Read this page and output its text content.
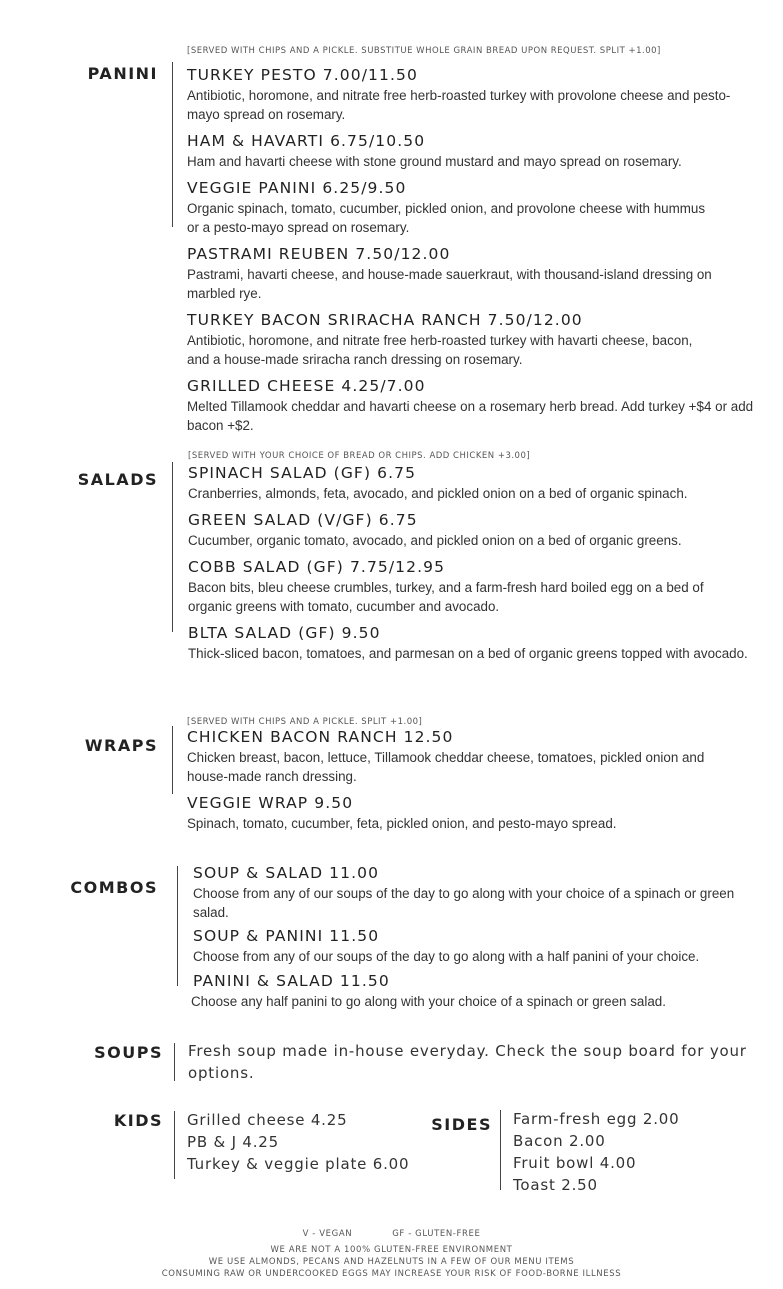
PANINI
[SERVED WITH CHIPS AND A PICKLE. SUBSTITUE WHOLE GRAIN BREAD UPON REQUEST. SPLIT +1.00]
TURKEY PESTO 7.00/11.50
Antibiotic, horomone, and nitrate free herb-roasted turkey with provolone cheese and pesto-mayo spread on rosemary.
HAM & HAVARTI 6.75/10.50
Ham and havarti cheese with stone ground mustard and mayo spread on rosemary.
VEGGIE PANINI 6.25/9.50
Organic spinach, tomato, cucumber, pickled onion, and provolone cheese with hummus or a pesto-mayo spread on rosemary.
PASTRAMI REUBEN 7.50/12.00
Pastrami, havarti cheese, and house-made sauerkraut, with thousand-island dressing on marbled rye.
TURKEY BACON SRIRACHA RANCH 7.50/12.00
Antibiotic, horomone, and nitrate free herb-roasted turkey with havarti cheese, bacon, and a house-made sriracha ranch dressing on rosemary.
GRILLED CHEESE 4.25/7.00
Melted Tillamook cheddar and havarti cheese on a rosemary herb bread. Add turkey +$4 or add bacon +$2.
SALADS
[SERVED WITH YOUR CHOICE OF BREAD OR CHIPS. ADD CHICKEN +3.00]
SPINACH SALAD (GF) 6.75
Cranberries, almonds, feta, avocado, and pickled onion on a bed of organic spinach.
GREEN SALAD (V/GF) 6.75
Cucumber, organic tomato, avocado, and pickled onion on a bed of organic greens.
COBB SALAD (GF) 7.75/12.95
Bacon bits, bleu cheese crumbles, turkey, and a farm-fresh hard boiled egg on a bed of organic greens with tomato, cucumber and avocado.
BLTA SALAD (GF) 9.50
Thick-sliced bacon, tomatoes, and parmesan on a bed of organic greens topped with avocado.
WRAPS
[SERVED WITH CHIPS AND A PICKLE. SPLIT +1.00]
CHICKEN BACON RANCH 12.50
Chicken breast, bacon, lettuce, Tillamook cheddar cheese, tomatoes, pickled onion and house-made ranch dressing.
VEGGIE WRAP 9.50
Spinach, tomato, cucumber, feta, pickled onion, and pesto-mayo spread.
COMBOS
SOUP & SALAD 11.00
Choose from any of our soups of the day to go along with your choice of a spinach or green salad.
SOUP & PANINI 11.50
Choose from any of our soups of the day to go along with a half panini of your choice.
PANINI & SALAD 11.50
Choose any half panini to go along with your choice of a spinach or green salad.
SOUPS Fresh soup made in-house everyday. Check the soup board for your options.
KIDS Grilled cheese 4.25
PB & J 4.25
Turkey & veggie plate 6.00
SIDES Farm-fresh egg 2.00
Bacon 2.00
Fruit bowl 4.00
Toast 2.50
V - VEGAN	GF - GLUTEN-FREE
WE ARE NOT A 100% GLUTEN-FREE ENVIRONMENT
WE USE ALMONDS, PECANS AND HAZELNUTS IN A FEW OF OUR MENU ITEMS
CONSUMING RAW OR UNDERCOOKED EGGS MAY INCREASE YOUR RISK OF FOOD-BORNE ILLNESS
